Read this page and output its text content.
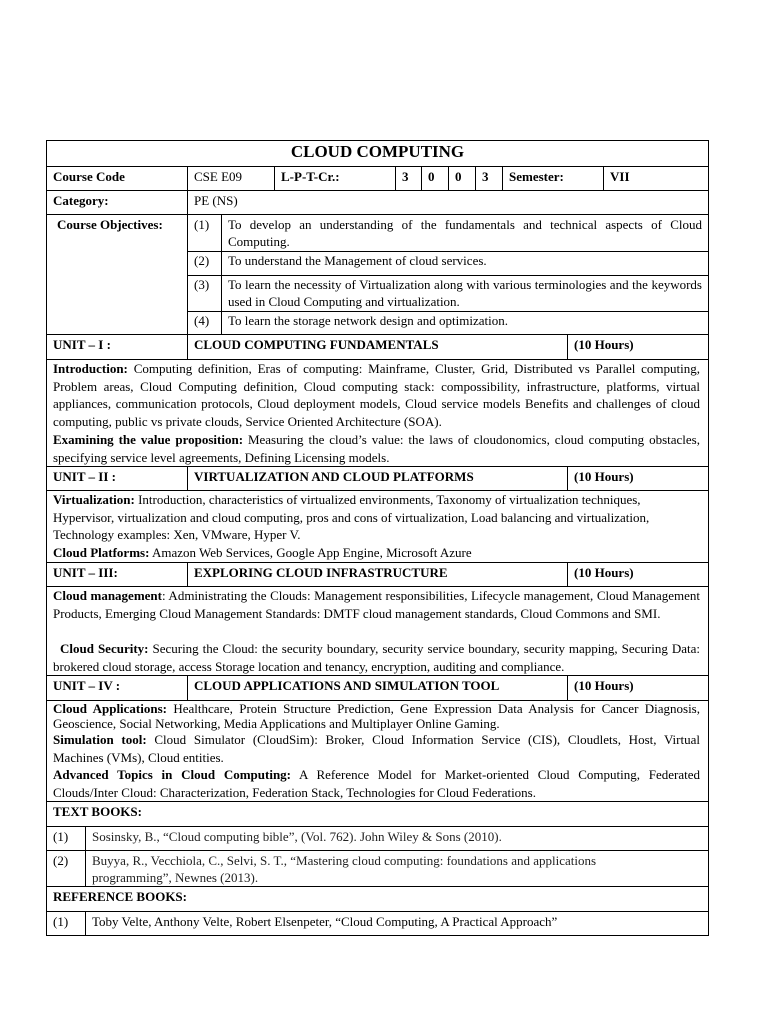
CLOUD COMPUTING
Course Code	CSE E09	L-P-T-Cr.:	3	0	0	3	Semester:	VII
Category:	PE (NS)
Course Objectives:	(1)	To develop an understanding of the fundamentals and technical aspects of Cloud Computing.
(2)	To understand the Management of cloud services.
(3)	To learn the necessity of Virtualization along with various terminologies and the keywords used in Cloud Computing and virtualization.
(4)	To learn the storage network design and optimization.
UNIT – I :	CLOUD COMPUTING FUNDAMENTALS	(10 Hours)
Introduction: Computing definition, Eras of computing: Mainframe, Cluster, Grid, Distributed vs Parallel computing, Problem areas, Cloud Computing definition, Cloud computing stack: compossibility, infrastructure, platforms, virtual appliances, communication protocols, Cloud deployment models, Cloud service models Benefits and challenges of cloud computing, public vs private clouds, Service Oriented Architecture (SOA).
Examining the value proposition: Measuring the cloud’s value: the laws of cloudonomics, cloud computing obstacles, specifying service level agreements, Defining Licensing models.
UNIT – II :	VIRTUALIZATION AND CLOUD PLATFORMS	(10 Hours)
Virtualization: Introduction, characteristics of virtualized environments, Taxonomy of virtualization techniques, Hypervisor, virtualization and cloud computing, pros and cons of virtualization, Load balancing and virtualization, Technology examples: Xen, VMware, Hyper V.
Cloud Platforms: Amazon Web Services, Google App Engine, Microsoft Azure
UNIT – III:	EXPLORING CLOUD INFRASTRUCTURE	(10 Hours)
Cloud management: Administrating the Clouds: Management responsibilities, Lifecycle management, Cloud Management Products, Emerging Cloud Management Standards: DMTF cloud management standards, Cloud Commons and SMI.
Cloud Security: Securing the Cloud: the security boundary, security service boundary, security mapping, Securing Data: brokered cloud storage, access Storage location and tenancy, encryption, auditing and compliance.
UNIT – IV :	CLOUD APPLICATIONS AND SIMULATION TOOL	(10 Hours)
Cloud Applications: Healthcare, Protein Structure Prediction, Gene Expression Data Analysis for Cancer Diagnosis, Geoscience, Social Networking, Media Applications and Multiplayer Online Gaming.
Simulation tool: Cloud Simulator (CloudSim): Broker, Cloud Information Service (CIS), Cloudlets, Host, Virtual Machines (VMs), Cloud entities.
Advanced Topics in Cloud Computing: A Reference Model for Market-oriented Cloud Computing, Federated Clouds/Inter Cloud: Characterization, Federation Stack, Technologies for Cloud Federations.
TEXT BOOKS:
(1)	Sosinsky, B., “Cloud computing bible”, (Vol. 762). John Wiley & Sons (2010).
(2)	Buyya, R., Vecchiola, C., Selvi, S. T., “Mastering cloud computing: foundations and applications programming”, Newnes (2013).
REFERENCE BOOKS:
(1)	Toby Velte, Anthony Velte, Robert Elsenpeter, “Cloud Computing, A Practical Approach”
